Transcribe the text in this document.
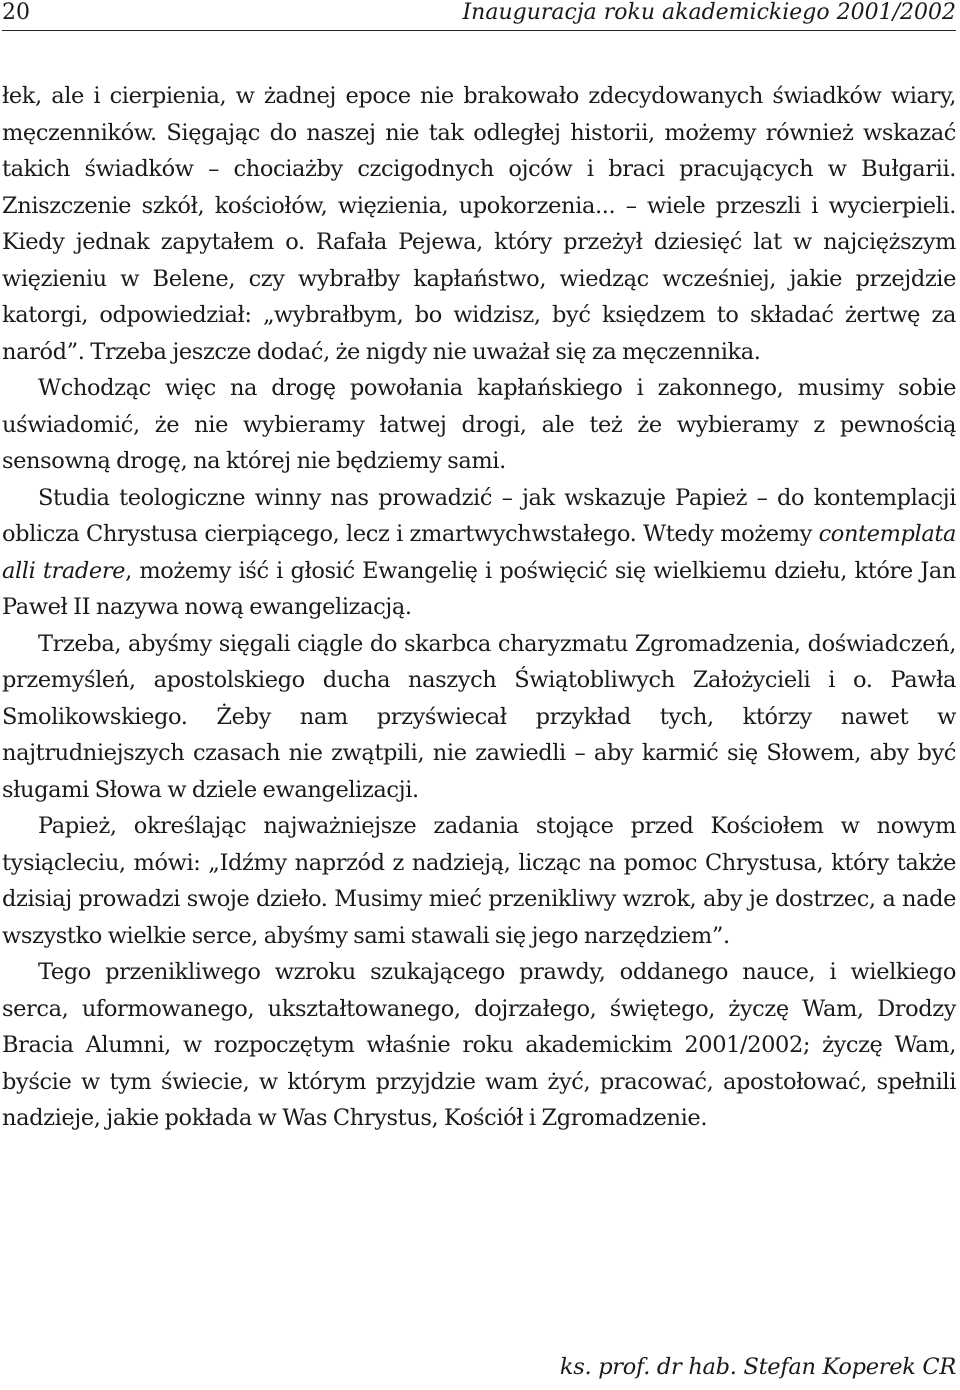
20	Inauguracja roku akademickiego 2001/2002

łek, ale i cierpienia, w żadnej epoce nie brakowało zdecydowanych świadków wiary, męczenników. Sięgając do naszej nie tak odległej historii, możemy również wskazać takich świadków – chociażby czcigodnych ojców i braci pracujących w Bułgarii. Zniszczenie szkół, kościołów, więzienia, upokorzenia... – wiele przeszli i wycierpieli. Kiedy jednak zapytałem o. Rafała Pejewa, który przeżył dziesięć lat w najcięższym więzieniu w Belene, czy wybrałby kapłaństwo, wiedząc wcześniej, jakie przejdzie katorgi, odpowiedział: „wybrałbym, bo widzisz, być księdzem to składać żertwę za naród”. Trzeba jeszcze dodać, że nigdy nie uważał się za męczennika.

Wchodząc więc na drogę powołania kapłańskiego i zakonnego, musimy sobie uświadomić, że nie wybieramy łatwej drogi, ale też że wybieramy z pewnością sensowną drogę, na której nie będziemy sami.

Studia teologiczne winny nas prowadzić – jak wskazuje Papież – do kontemplacji oblicza Chrystusa cierpiącego, lecz i zmartwychwstałego. Wtedy możemy contemplata alli tradere, możemy iść i głosić Ewangelię i poświęcić się wielkiemu dziełu, które Jan Paweł II nazywa nową ewangelizacją.

Trzeba, abyśmy sięgali ciągle do skarbca charyzmatu Zgromadzenia, doświadczeń, przemyśleń, apostolskiego ducha naszych Świątobliwych Założycieli i o. Pawła Smolikowskiego. Żeby nam przyświecał przykład tych, którzy nawet w najtrudniejszych czasach nie zwątpili, nie zawiedli – aby karmić się Słowem, aby być sługami Słowa w dziele ewangelizacji.

Papież, określając najważniejsze zadania stojące przed Kościołem w nowym tysiącleciu, mówi: „Idźmy naprzód z nadzieją, licząc na pomoc Chrystusa, który także dzisiaj prowadzi swoje dzieło. Musimy mieć przenikliwy wzrok, aby je dostrzec, a nade wszystko wielkie serce, abyśmy sami stawali się jego narzędziem”.

Tego przenikliwego wzroku szukającego prawdy, oddanego nauce, i wielkiego serca, uformowanego, ukształtowanego, dojrzałego, świętego, życzę Wam, Drodzy Bracia Alumni, w rozpoczętym właśnie roku akademickim 2001/2002; życzę Wam, byście w tym świecie, w którym przyjdzie wam żyć, pracować, apostołować, spełnili nadzieje, jakie pokłada w Was Chrystus, Kościół i Zgromadzenie.

ks. prof. dr hab. Stefan Koperek CR
